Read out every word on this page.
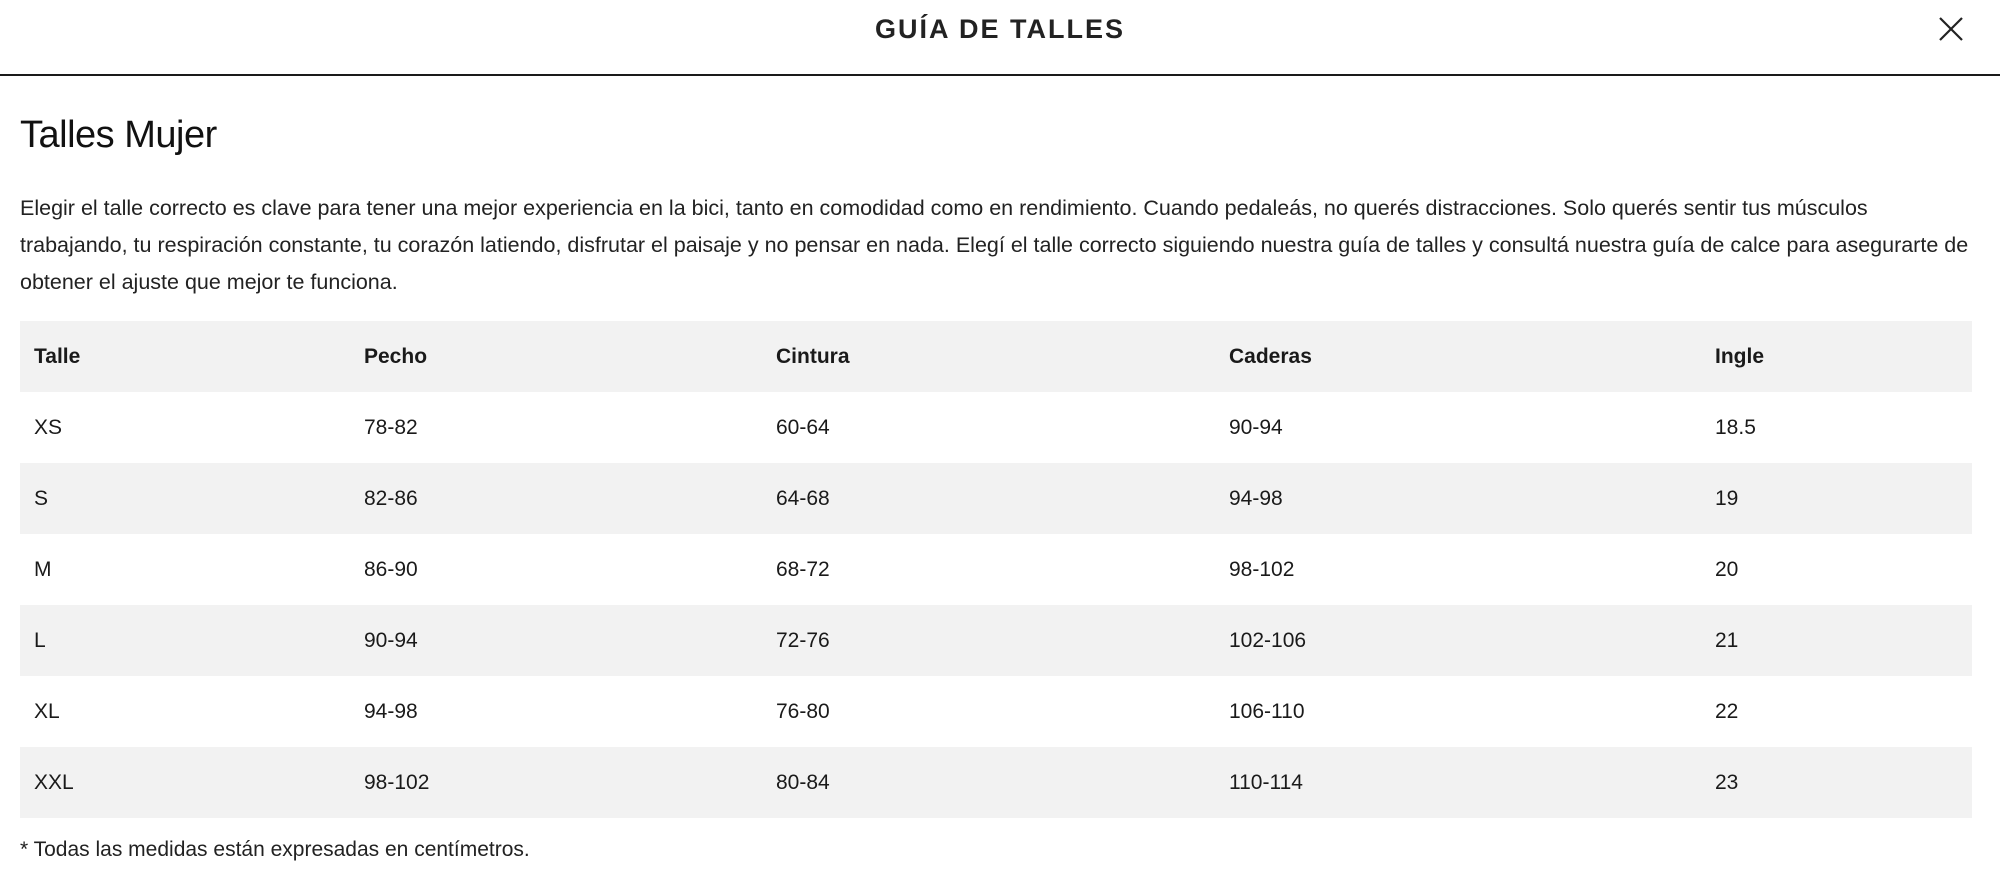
GUÍA DE TALLES
Talles Mujer

Elegir el talle correcto es clave para tener una mejor experiencia en la bici, tanto en comodidad como en rendimiento. Cuando pedaleás, no querés distracciones. Solo querés sentir tus músculos trabajando, tu respiración constante, tu corazón latiendo, disfrutar el paisaje y no pensar en nada. Elegí el talle correcto siguiendo nuestra guía de talles y consultá nuestra guía de calce para asegurarte de obtener el ajuste que mejor te funciona.

Talle	Pecho	Cintura	Caderas	Ingle
XS	78-82	60-64	90-94	18.5
S	82-86	64-68	94-98	19
M	86-90	68-72	98-102	20
L	90-94	72-76	102-106	21
XL	94-98	76-80	106-110	22
XXL	98-102	80-84	110-114	23

* Todas las medidas están expresadas en centímetros.
